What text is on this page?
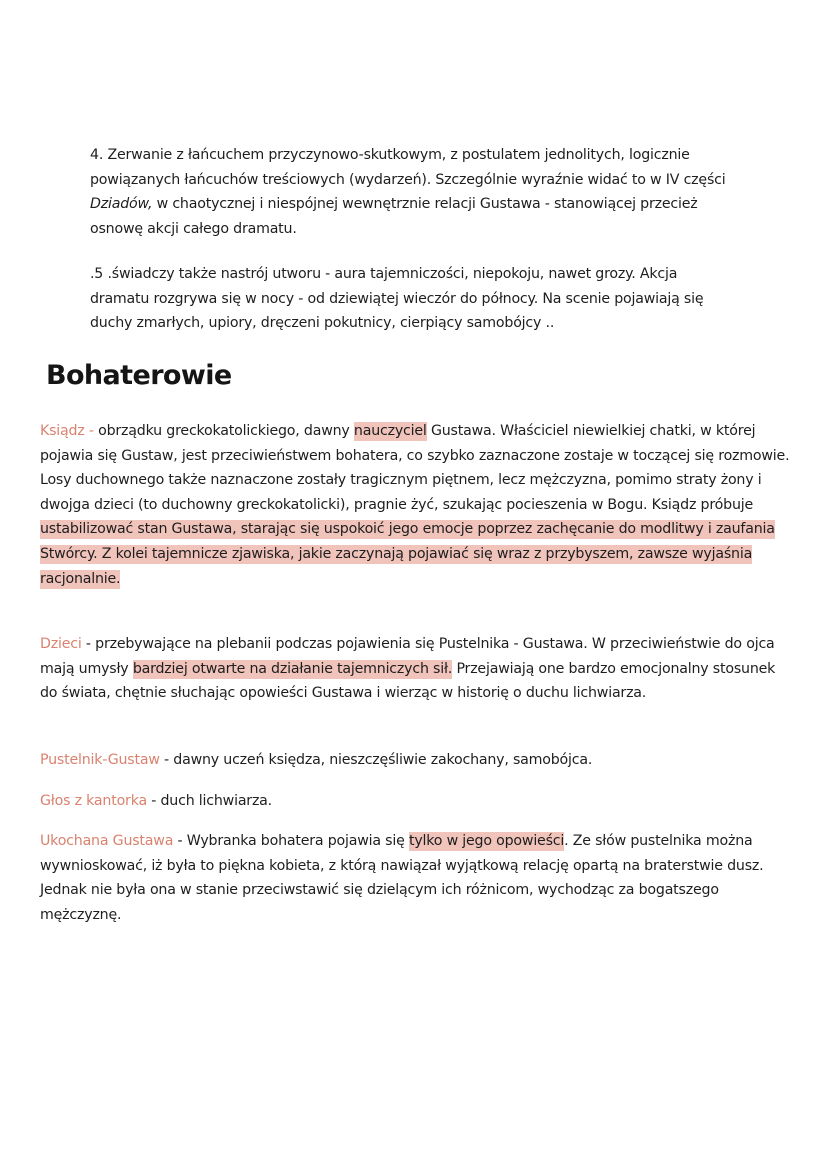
4. Zerwanie z łańcuchem przyczynowo-skutkowym, z postulatem jednolitych, logicznie powiązanych łańcuchów treściowych (wydarzeń). Szczególnie wyraźnie widać to w IV części Dziadów, w chaotycznej i niespójnej wewnętrznie relacji Gustawa - stanowiącej przecież osnowę akcji całego dramatu.

.5 .świadczy także nastrój utworu - aura tajemniczości, niepokoju, nawet grozy. Akcja dramatu rozgrywa się w nocy - od dziewiątej wieczór do północy. Na scenie pojawiają się duchy zmarłych, upiory, dręczeni pokutnicy, cierpiący samobójcy ..

Bohaterowie

Ksiądz - obrządku greckokatolickiego, dawny nauczyciel Gustawa. Właściciel niewielkiej chatki, w której pojawia się Gustaw, jest przeciwieństwem bohatera, co szybko zaznaczone zostaje w toczącej się rozmowie. Losy duchownego także naznaczone zostały tragicznym piętnem, lecz mężczyzna, pomimo straty żony i dwojga dzieci (to duchowny greckokatolicki), pragnie żyć, szukając pocieszenia w Bogu. Ksiądz próbuje ustabilizować stan Gustawa, starając się uspokoić jego emocje poprzez zachęcanie do modlitwy i zaufania Stwórcy. Z kolei tajemnicze zjawiska, jakie zaczynają pojawiać się wraz z przybyszem, zawsze wyjaśnia racjonalnie.

Dzieci - przebywające na plebanii podczas pojawienia się Pustelnika - Gustawa. W przeciwieństwie do ojca mają umysły bardziej otwarte na działanie tajemniczych sił. Przejawiają one bardzo emocjonalny stosunek do świata, chętnie słuchając opowieści Gustawa i wierząc w historię o duchu lichwiarza.

Pustelnik-Gustaw - dawny uczeń księdza, nieszczęśliwie zakochany, samobójca.

Głos z kantorka - duch lichwiarza.

Ukochana Gustawa - Wybranka bohatera pojawia się tylko w jego opowieści. Ze słów pustelnika można wywnioskować, iż była to piękna kobieta, z którą nawiązał wyjątkową relację opartą na braterstwie dusz. Jednak nie była ona w stanie przeciwstawić się dzielącym ich różnicom, wychodząc za bogatszego mężczyznę.
